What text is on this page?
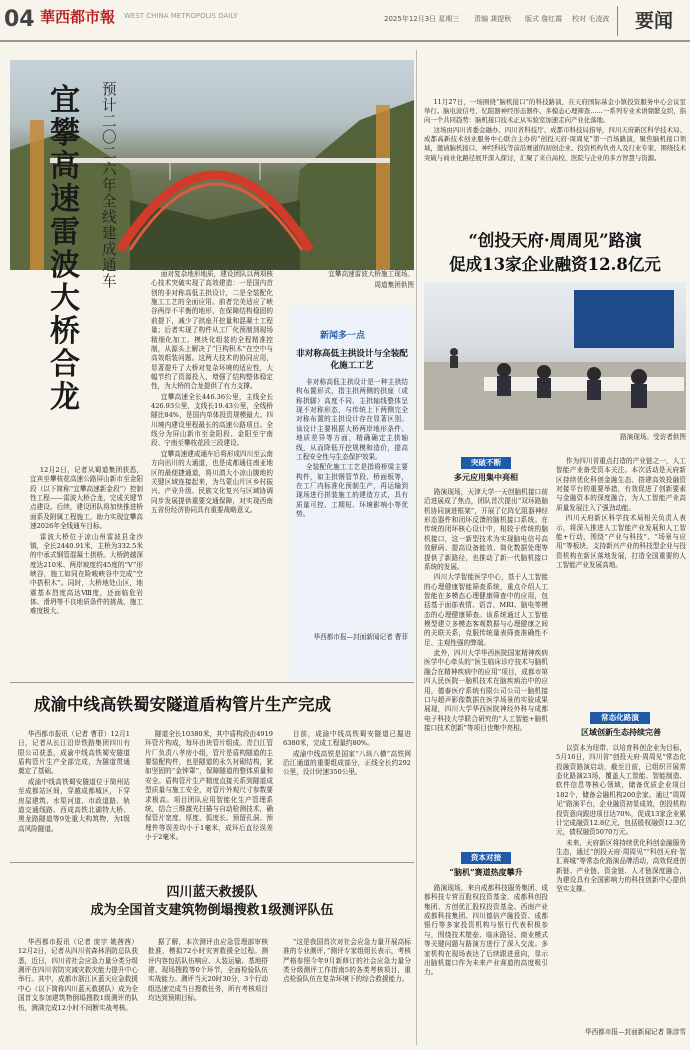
04 華西都市報 WEST CHINA METROPOLIS DAILY	2025年12月3日 星期三 责编 龚提秋 版式 詹红霞 校对 毛凌波	要闻
宜攀高速雷波大桥合龙
预计二〇二六年全线建成通车

12月2日，记者从蜀道集团获悉，宜宾至攀枝花高速公路屏山新市至金阳段（以下简称“宜攀高速新金段”）控制性工程——雷波大桥合龙，完成关键节点建设。后续，建设团队将加快推进桥面系及附属工程施工，助力实现宜攀高速2026年全线通车目标。

雷波大桥位于凉山州雷波县金沙镇，全长2440.91米，主桥为332.5米的中承式钢管混凝土拱桥。大桥跨越深度达210米、两岸坡度约45度的“V”形峡谷，施工如同在险峻峡谷中完成“空中搭积木”。同时，大桥地处山区，地震基本烈度高达Ⅷ度，还面临危岩体、滑坍等不良地质条件的挑战，施工难度极大。

面对复杂地形地质，建设团队以两项核心技术突破实现了高效建造：一是国内首创的非对称高低主拱设计，二是全装配化施工工艺的全面应用。前者完美适应了峡谷两岸不平衡的地形，在保障结构稳固的前提下，减少了拱座开挖量和混凝土工程量；后者实现了构件从工厂化预制到现场精细化加工、模块化组装的全程精准控制，从源头上解决了“巨构积木”在空中与高效组装问题。这两大技术的协同应用，显著提升了大桥对复杂环境的适应性，大幅节约了资源投入，增强了结构整体稳定性，为大桥的合龙提供了有力支撑。

宜攀高速全长446.36公里，主线全长426.93公里，支线长19.43公里，全线桥隧比84%，是国内单体投资规模最大、四川境内建设里程最长的高速公路项目。全线分为屏山新市至金阳段、金阳至宁南段、宁南至攀枝花段三段建设。

宜攀高速建成通车后将形成四川至云南方向出川的大通道，也是成都通往南亚地区的最便捷通道，将川滇大小凉山腹地的关键区域连接起来，为乌蒙山片区乡村振兴、产业升级、民族文化复兴与区域协调同步发展提供重要交通保障，对实现西南五省份经济协同具有重要战略意义。

宜攀高速雷波大桥施工现场。
周道集团供图
新闻多一点
非对称高低主拱设计与全装配化施工工艺

非对称高低主拱设计是一种主拱结构布置形式，指主拱两侧的拱座（或称拱脚）高度不同、主拱轴线整体呈现不对称形态，与传统上下两侧完全对称布置的主拱设计存在显著区别。该设计主要根据大桥两岸地形条件、地质差异等方面，精确确定主拱轴线，从而降低开挖规模和造价，提高工程安全性与生态保护效果。

全装配化施工工艺是指将桥梁主要构件，如主拱钢管节段、桥面板等，在工厂内标准化预制生产，再运输到现场进行拼装施工的建造方式，具有质量可控、工期短、环境影响小等优势。

华西都市报—封面新闻记者 曹菲
成渝中线高铁蜀安隧道盾构管片生产完成

华西都市报讯（记者 曹菲）12月1日，记者从长江沿岸铁路集团四川有限公司获悉，成渝中线高铁蜀安隧道盾构管片生产全部完成，为隧道贯通奠定了基础。

成渝中线高铁蜀安隧道位于简州站至成都站区间，穿越成都城区，下穿房屋建筑、水渠河道、市政道路、轨道交通线路、西成高铁北湖特大桥、黑龙路隧道等9处重大构筑物，为Ⅰ级高风险隧道。

隧道全长10380米，其中盾构段由4919环管片构成，每环由块管片组成。青白江管片厂负责八孝房小组，管片是盾构隧道的主要装配构件，也是隧道的永久衬砌结构，犹如坚固的“金钟罩”，保障隧道的整体质量和安全。盾构管片生产精度直接关系到隧道成型质量与施工安全，对管片外观尺寸参数要求极高。项目团队应用智能化生产管理系统，结合三维激光扫描与自动检测技术，确保管片宽度、厚度、弧度长、预留孔洞、预埋件等误差均小于1毫米，成环后直径误差小于2毫米。

目前，成渝中线高铁蜀安隧道已掘进6380米，完成工程量约80%。

成渝中线高铁是国家“八纵八横”高铁网沿江通道的重要组成部分，正线全长约292公里，设计时速350公里。

四川蓝天救援队
成为全国首支建筑物倒塌搜救1级测评队伍

华西都市报讯（记者 庞宇 姚茜茜）12月2日，记者从四川省森林消防总队获悉，近日，四川省社会应急力量分类分级测评在四川省防灾减灾救灾能力提升中心举行。其中，成都市浙江区蓝天应急救援中心（以下简称四川蓝天救援队）成为全国首支参加建筑物倒塌搜救1级测评的队伍，测满完成12小时不间断实战考核。

据了解，本次测评由应急管理部审核批准，模拟72小时灾害救援全过程。测评内容包括队伍响应、人装运输、基地搭建、现场搜救等0个环节，全面检验队伍实战能力。测评当天20时30分，3个行动组迅速完成当日搜救任务，所有考核项目均达到预期目标。

“这是我国首次对社会应急力量开展高标准的专业测评，”测评专家组组长表示，考核严格参照今年9月新修订的社会应急力量分类分级测评工作指南5的各类考核项目，重点检验队伍在复杂环境下的综合救援能力。

11月27日，一场围绕“脑机接口”的科技路演，在天府国际基金小镇投资服务中心会议室举行。脑电波信号、忆阻器神经形态器件、多模态心理筛查……一系列专业术语频繁交织，指向一个共同趋势：脑机接口技术正从实验室加速走向产业化落地。

这场由四川省委金融办、四川省科技厅、成都市科技局指导，四川天府新区科学技术局、成都高新技术创业服务中心联合主办的“创投天府·周周见”第一百场路演，聚焦脑机接口领域，邀请脑机接口、神经科技等前沿赛道的初创企业、投资机构负责人及行业专家，围绕技术突破与商业化路径展开深入探讨，汇聚了来自高校、医院与企业的多方智慧与资源。

“创投天府·周周见”路演
促成13家企业融资12.8亿元
路演现场。受访者供图
突破不断
多元应用集中亮相

路演现场，天津大学一天创脑机接口前沿进展成了焦点，团队首次提出“双环路脑机协同演进框架”，开展了亿阵忆阻器神经形态器件和闭环反馈的脑机接口系统。在传统的闭环核心设计中，相较于传统的脑机接口，这一新型技术为实现脑电信号高效解码、提高设备能效、简化数据处理等提供了新路径，也推动了新一代脑机接口系统的发展。

四川大学智能医学中心，基于人工智能的心理健康智能筛查系统，重点介绍人工智能在多模态心理健康筛查中的应用，包括基于面部表情、语音、MRI、脑电等模态的心理健康筛查。该系统通过人工智能模型建立多模态客观数据与心理健康之间的关联关系，克服传统量表筛查准确性不足、主观性强的弊端。

此外，四川大学华西医院国家精神疾病医学中心牵头的“医生临床诊疗技术与脑机融合在精神疾病中的应用”项目，成都市第四人民医院一脑机技术在脑疾病治中的应用，德泰医疗系统有限公司公司一脑机接口与超声影像数据在医学场景的实验成果展现，四川大学华西医院神经外科与成都电子科技大学联合研究的“人工智能+脑机接口技术创新”等项目也集中亮相。

资本对接
“脑机”赛道热度攀升

路演现场，来自成都科技服务集团、成都科技专营百股权投资基金、成都科创投集团、方创优汇股权投资基金、西南产业成都科技集团、四川德倍产融投资、成都银行等多家投资机构与银行代表积极参与，围绕技术壁垒、临床路径、商业模式等关键问题与路演方进行了深入交流。多家机构在现场表达了后续跟进意向，显示出脑机接口作为未来产业赛道的高度吸引力。

作为四川省重点打造的产业链之一，人工智能产业备受资本关注。本次活动是天府新区持续优化科创金融生态、搭建高效投融资对接平台的重要举措，有效促进了创新要素与金融资本的深度融合，为人工智能产业高质量发展注入了强劲动能。

四川天府新区科学技术局相关负责人表示，将深入推进人工智能产业发展和人工智能+行动，围绕“产业与科技”、“场景与应用”等板块，支持新兴产业的科技型企业与投资机构在新区落地发展，打造全国重要的人工智能产业发展高地。

常态化路演
区域创新生态持续完善

以资本为纽带、以培育科创企业为目标，5月16日，四川省“创投天府·周周见”常态化投融资路演启动，截至目前，已组织开展常态化路演23场，覆盖人工智能、智能制造、软件信息等核心领域，储备优质企业项目182个，储备会融机构200余家。通过“周周见”路演平台，企业融资初显成效，创投机构投资意向跟进项目达70%，促成13家企业累计完成融资12.8亿元，包括股权融资12.3亿元，债权融资5070万元。

未来，天府新区将持续优化科创金融服务生态，通过“创投天府·周周见”“科创天府·智汇赛城”等常态化路演品牌活动，高效促进创新链、产业链、资金链、人才链深度融合，为建设具有全国影响力的科技创新中心提供坚实支撑。

华西都市报—封面新闻记者 陈彦雪
